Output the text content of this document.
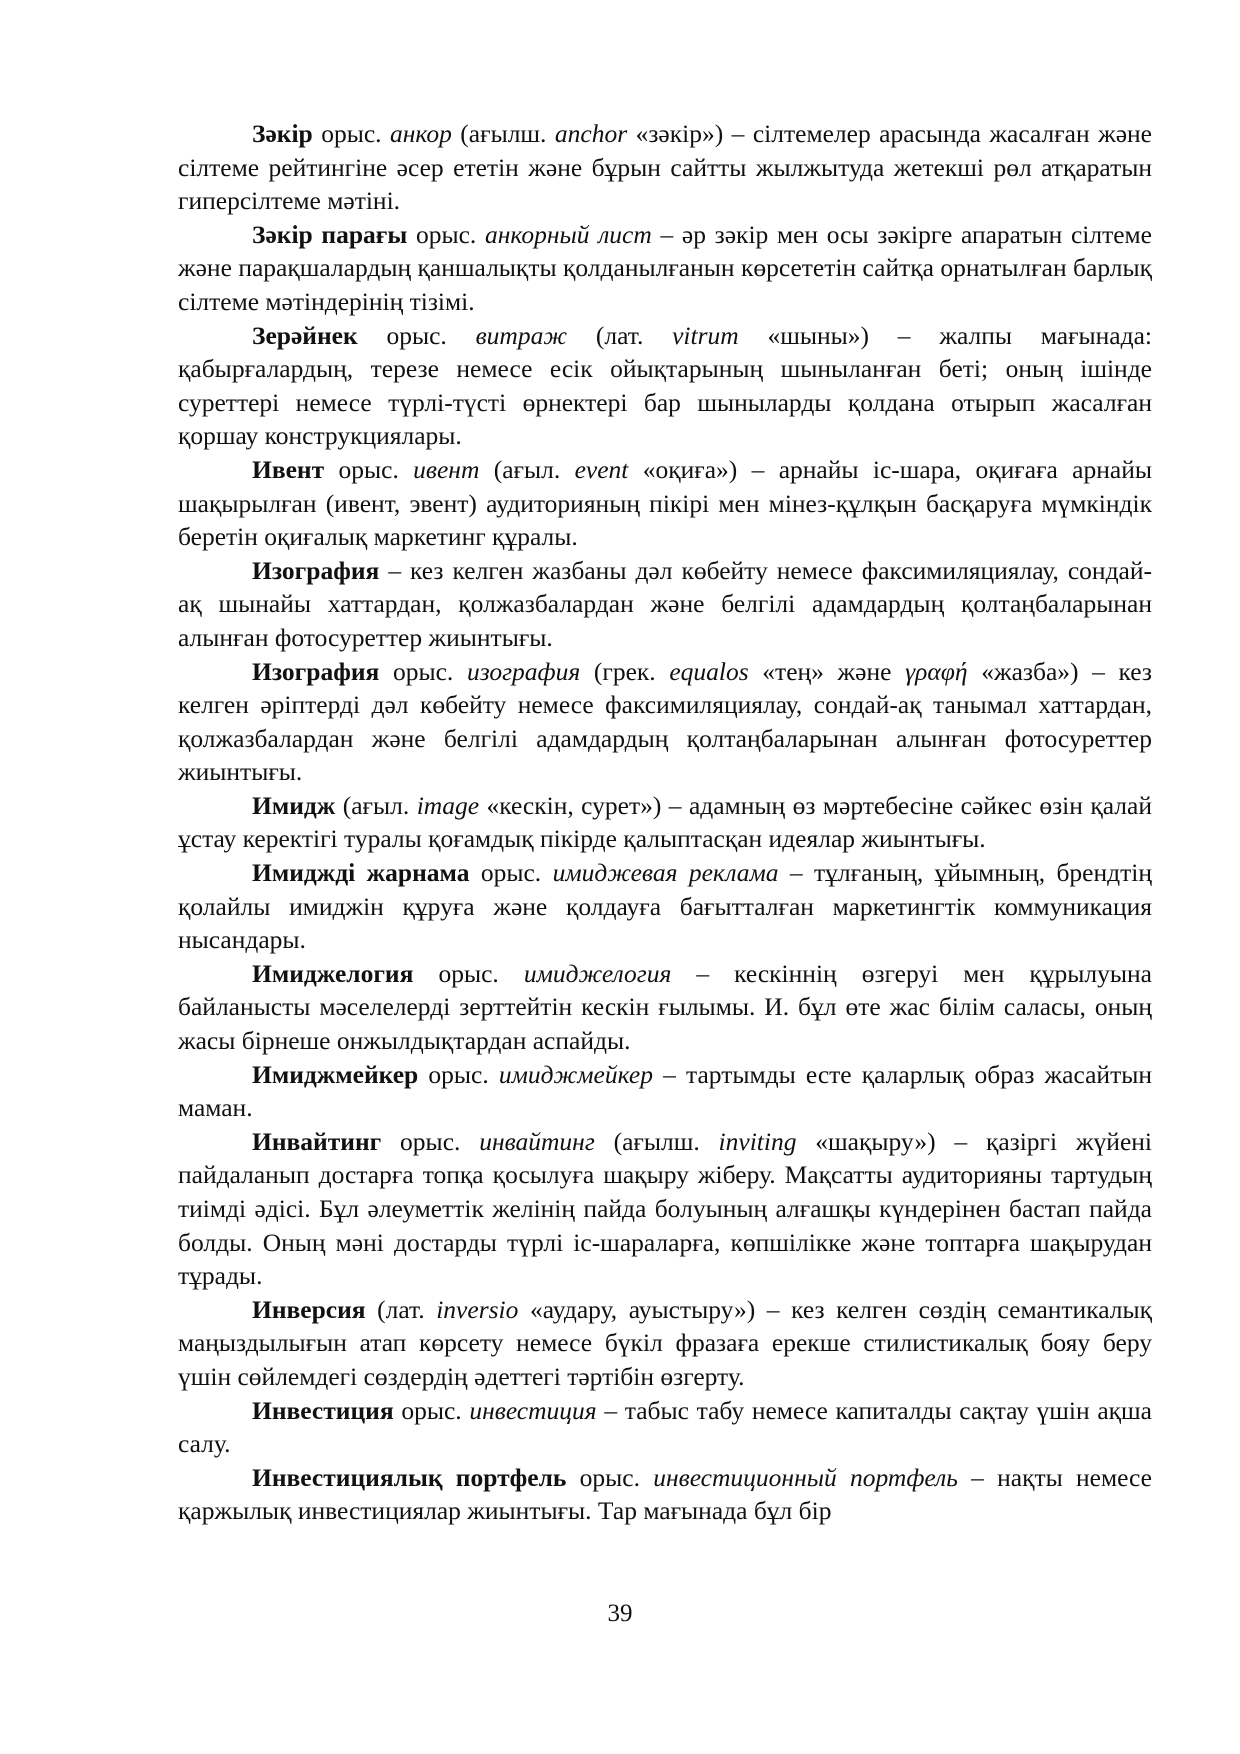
Зәкір орыс. анкор (ағылш. anchor «зәкір») – сілтемелер арасында жасалған және сілтеме рейтингіне әсер ететін және бұрын сайтты жылжытуда жетекші рөл атқаратын гиперсілтеме мәтіні.

Зәкір парағы орыс. анкорный лист – әр зәкір мен осы зәкірге апаратын сілтеме және парақшалардың қаншалықты қолданылғанын көрсететін сайтқа орнатылған барлық сілтеме мәтіндерінің тізімі.

Зерәйнек орыс. витраж (лат. vitrum «шыны») – жалпы мағынада: қабырғалардың, терезе немесе есік ойықтарының шыныланған беті; оның ішінде суреттері немесе түрлі-түсті өрнектері бар шыныларды қолдана отырып жасалған қоршау конструкциялары.

Ивент орыс. ивент (ағыл. event «оқиға») – арнайы іс-шара, оқиғаға арнайы шақырылған (ивент, эвент) аудиторияның пікірі мен мінез-құлқын басқаруға мүмкіндік беретін оқиғалық маркетинг құралы.

Изография – кез келген жазбаны дәл көбейту немесе факсимиляциялау, сондай-ақ шынайы хаттардан, қолжазбалардан және белгілі адамдардың қолтаңбаларынан алынған фотосуреттер жиынтығы.

Изография орыс. изография (грек. equalos «тең» және γραφή «жазба») – кез келген әріптерді дәл көбейту немесе факсимиляциялау, сондай-ақ танымал хаттардан, қолжазбалардан және белгілі адамдардың қолтаңбаларынан алынған фотосуреттер жиынтығы.

Имидж (ағыл. image «кескін, сурет») – адамның өз мәртебесіне сәйкес өзін қалай ұстау керектігі туралы қоғамдық пікірде қалыптасқан идеялар жиынтығы.

Имиджді жарнама орыс. имиджевая реклама – тұлғаның, ұйымның, брендтің қолайлы имиджін құруға және қолдауға бағытталған маркетингтік коммуникация нысандары.

Имиджелогия орыс. имиджелогия – кескіннің өзгеруі мен құрылуына байланысты мәселелерді зерттейтін кескін ғылымы. И. бұл өте жас білім саласы, оның жасы бірнеше онжылдықтардан аспайды.

Имиджмейкер орыс. имиджмейкер – тартымды есте қаларлық образ жасайтын маман.

Инвайтинг орыс. инвайтинг (ағылш. inviting «шақыру») – қазіргі жүйені пайдаланып достарға топқа қосылуға шақыру жіберу. Мақсатты аудиторияны тартудың тиімді әдісі. Бұл әлеуметтік желінің пайда болуының алғашқы күндерінен бастап пайда болды. Оның мәні достарды түрлі іс-шараларға, көпшілікке және топтарға шақырудан тұрады.

Инверсия (лат. inversio «аудару, ауыстыру») – кез келген сөздің семантикалық маңыздылығын атап көрсету немесе бүкіл фразаға ерекше стилистикалық бояу беру үшін сөйлемдегі сөздердің әдеттегі тәртібін өзгерту.

Инвестиция орыс. инвестиция – табыс табу немесе капиталды сақтау үшін ақша салу.

Инвестициялық портфель орыс. инвестиционный портфель – нақты немесе қаржылық инвестициялар жиынтығы. Тар мағынада бұл бір

39
